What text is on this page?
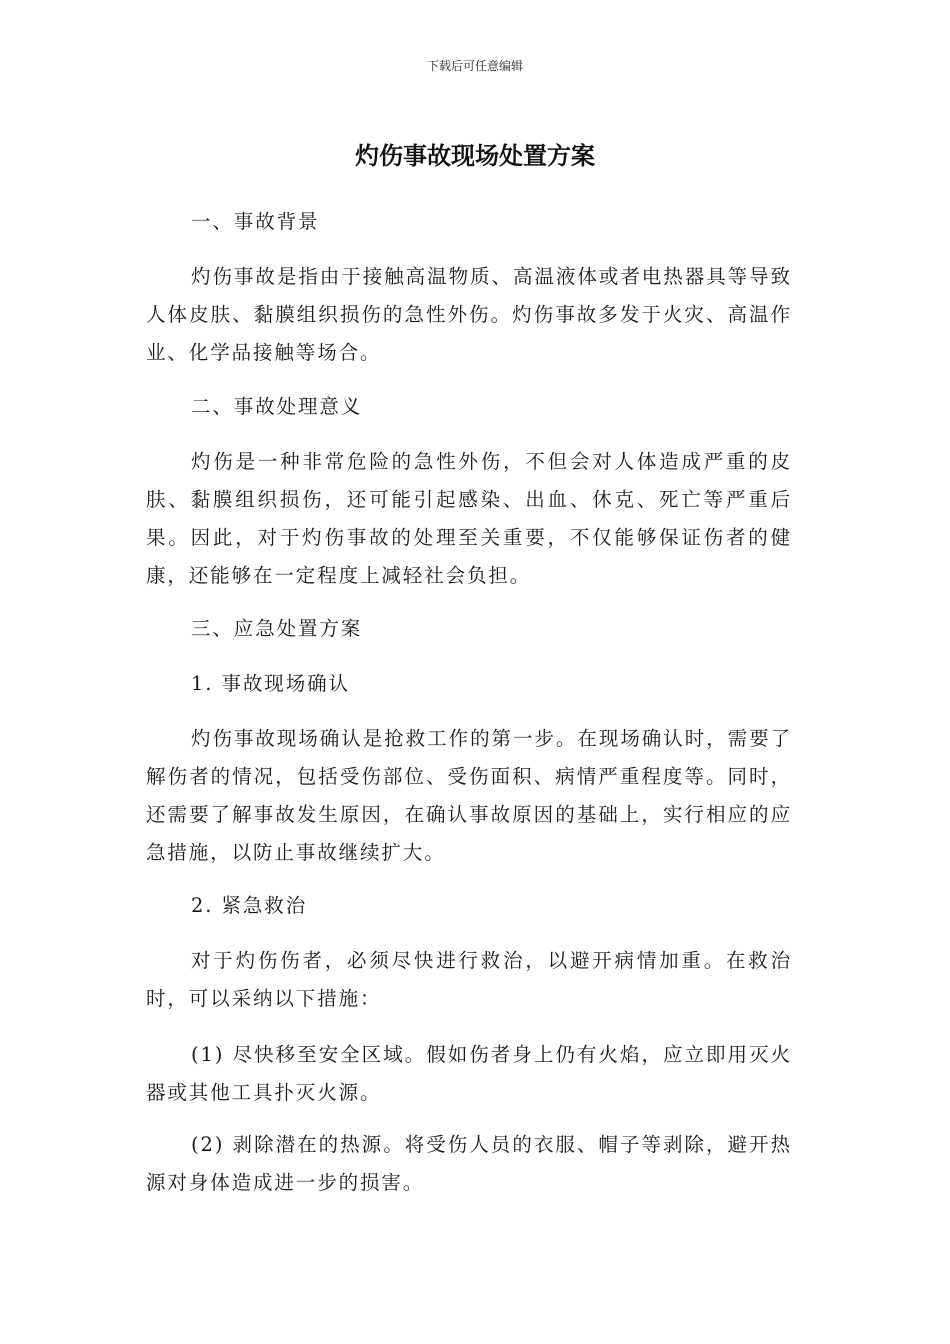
下载后可任意编辑
灼伤事故现场处置方案

一、事故背景

灼伤事故是指由于接触高温物质、高温液体或者电热器具等导致人体皮肤、黏膜组织损伤的急性外伤。灼伤事故多发于火灾、高温作业、化学品接触等场合。

二、事故处理意义

灼伤是一种非常危险的急性外伤，不但会对人体造成严重的皮肤、黏膜组织损伤，还可能引起感染、出血、休克、死亡等严重后果。因此，对于灼伤事故的处理至关重要，不仅能够保证伤者的健康，还能够在一定程度上减轻社会负担。

三、应急处置方案

1. 事故现场确认

灼伤事故现场确认是抢救工作的第一步。在现场确认时，需要了解伤者的情况，包括受伤部位、受伤面积、病情严重程度等。同时，还需要了解事故发生原因，在确认事故原因的基础上，实行相应的应急措施，以防止事故继续扩大。

2. 紧急救治

对于灼伤伤者，必须尽快进行救治，以避开病情加重。在救治时，可以采纳以下措施：

(1) 尽快移至安全区域。假如伤者身上仍有火焰，应立即用灭火器或其他工具扑灭火源。

(2) 剥除潜在的热源。将受伤人员的衣服、帽子等剥除，避开热源对身体造成进一步的损害。
